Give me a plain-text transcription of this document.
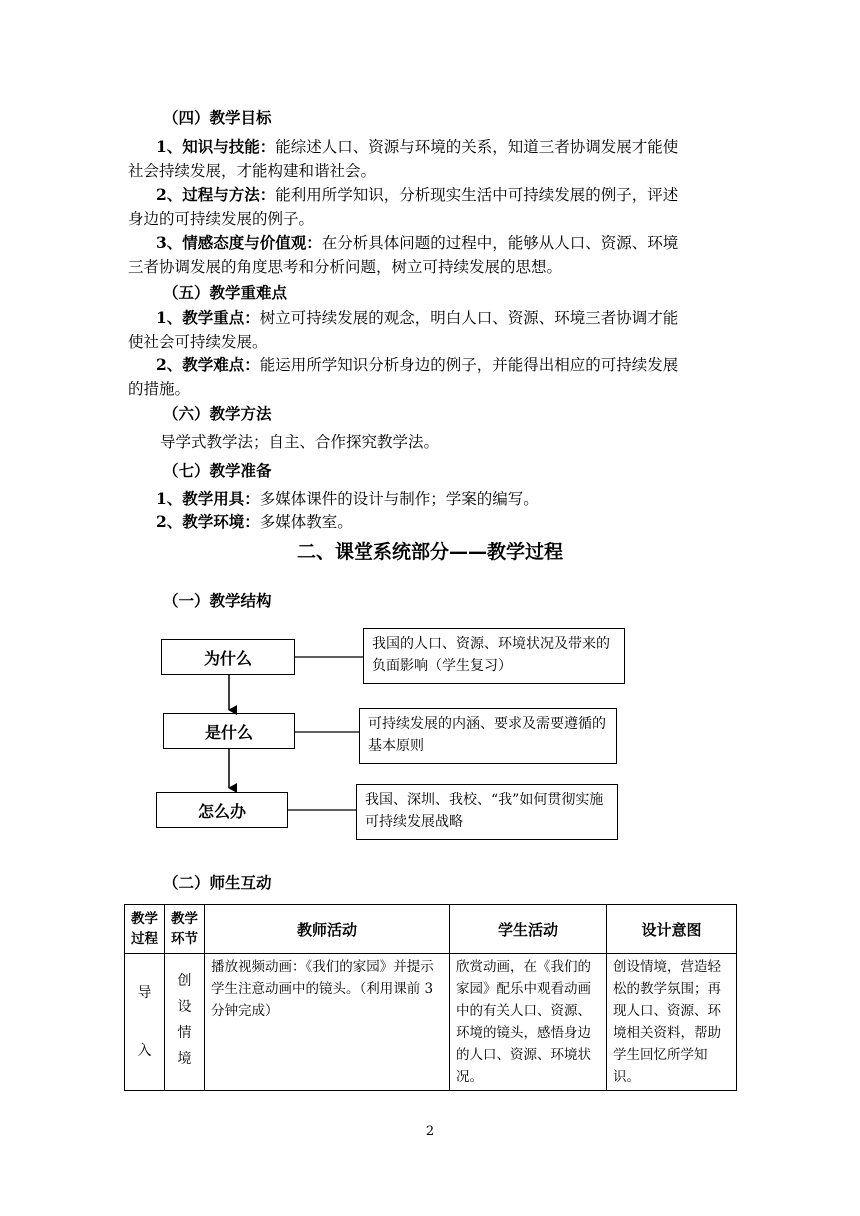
（四）教学目标

1、知识与技能：能综述人口、资源与环境的关系，知道三者协调发展才能使

社会持续发展，才能构建和谐社会。

2、过程与方法：能利用所学知识，分析现实生活中可持续发展的例子，评述

身边的可持续发展的例子。

3、情感态度与价值观：在分析具体问题的过程中，能够从人口、资源、环境

三者协调发展的角度思考和分析问题，树立可持续发展的思想。

（五）教学重难点

1、教学重点：树立可持续发展的观念，明白人口、资源、环境三者协调才能

使社会可持续发展。

2、教学难点：能运用所学知识分析身边的例子，并能得出相应的可持续发展

的措施。

（六）教学方法
导学式教学法；自主、合作探究教学法。
（七）教学准备
1、教学用具：多媒体课件的设计与制作；学案的编写。
2、教学环境：多媒体教室。
二、课堂系统部分——教学过程
（一）教学结构
为什么
是什么
怎么办
我国的人口、资源、环境状况及带来的负面影响（学生复习）
可持续发展的内涵、要求及需要遵循的基本原则
我国、深圳、我校、“我”如何贯彻实施可持续发展战略
（二）师生互动
教学过程	教学环节	教师活动	学生活动	设计意图

导入	创设情境	播放视频动画：《我们的家园》并提示学生注意动画中的镜头。（利用课前 3 分钟完成）	欣赏动画，在《我们的家园》配乐中观看动画中的有关人口、资源、环境的镜头，感悟身边的人口、资源、环境状况。	创设情境，营造轻松的教学氛围；再现人口、资源、环境相关资料，帮助学生回忆所学知识。
2
